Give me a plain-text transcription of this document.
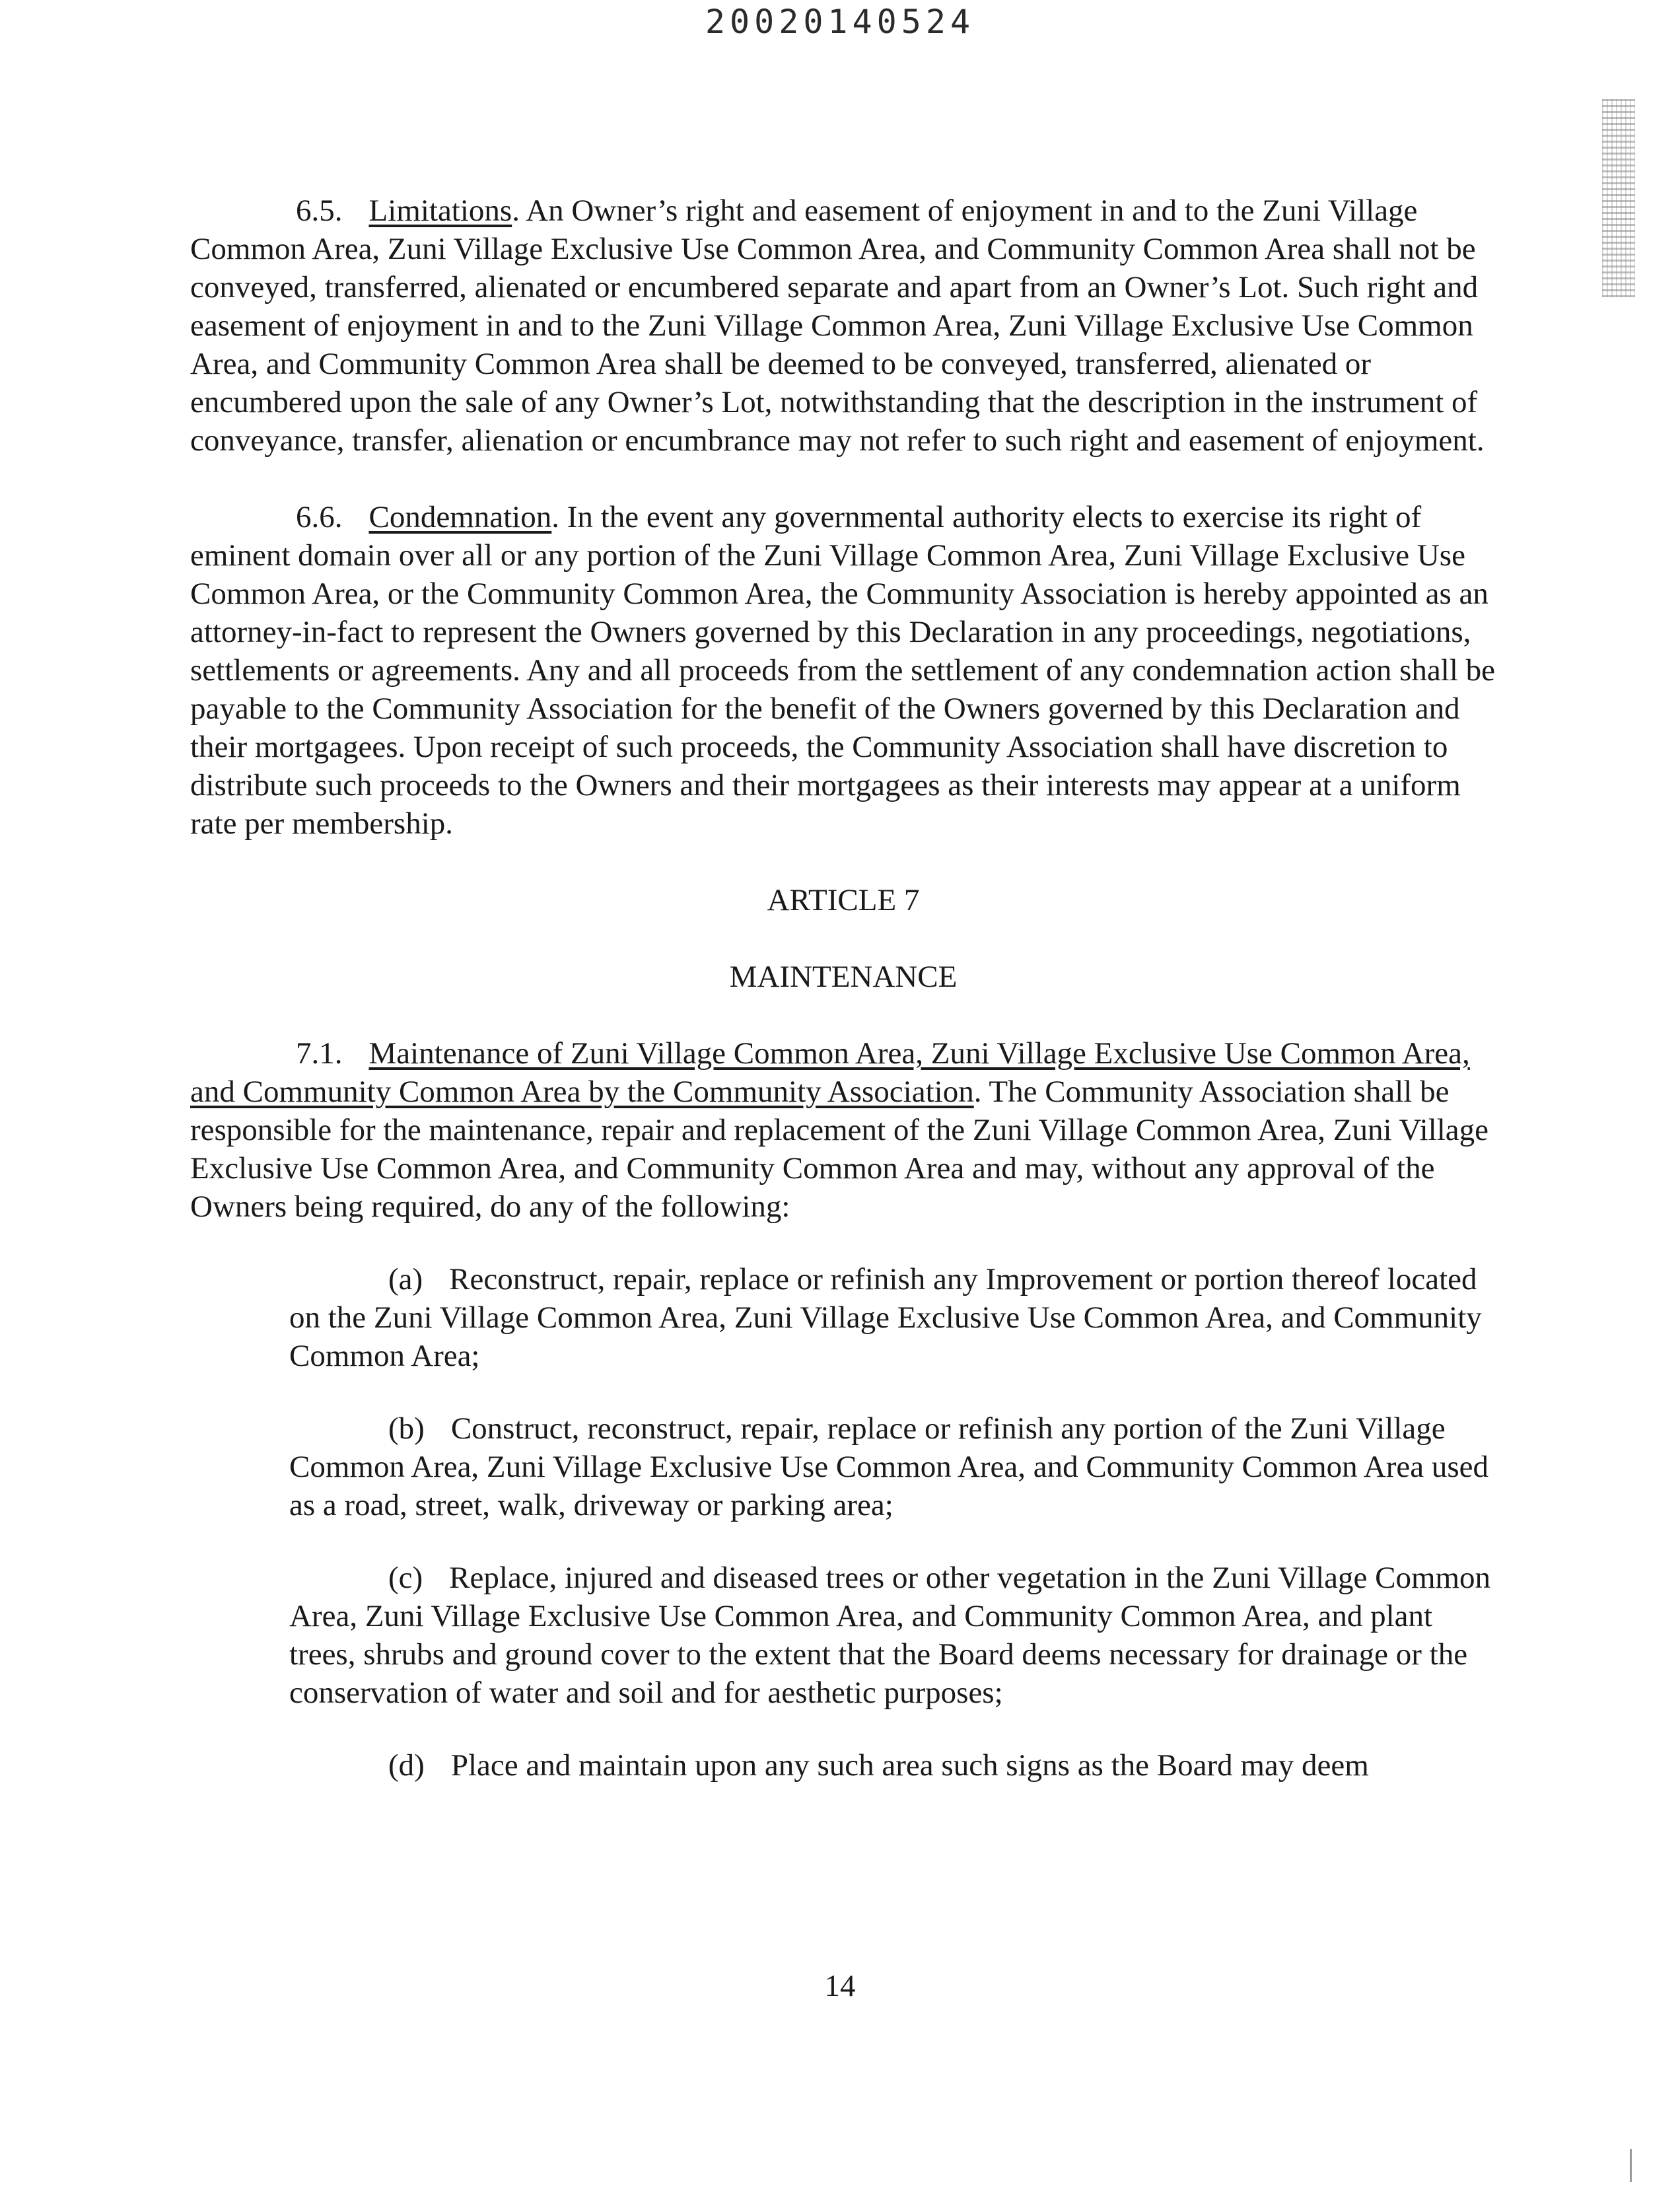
20020140524

6.5. Limitations. An Owner’s right and easement of enjoyment in and to the Zuni Village Common Area, Zuni Village Exclusive Use Common Area, and Community Common Area shall not be conveyed, transferred, alienated or encumbered separate and apart from an Owner’s Lot. Such right and easement of enjoyment in and to the Zuni Village Common Area, Zuni Village Exclusive Use Common Area, and Community Common Area shall be deemed to be conveyed, transferred, alienated or encumbered upon the sale of any Owner’s Lot, notwithstanding that the description in the instrument of conveyance, transfer, alienation or encumbrance may not refer to such right and easement of enjoyment.

6.6. Condemnation. In the event any governmental authority elects to exercise its right of eminent domain over all or any portion of the Zuni Village Common Area, Zuni Village Exclusive Use Common Area, or the Community Common Area, the Community Association is hereby appointed as an attorney-in-fact to represent the Owners governed by this Declaration in any proceedings, negotiations, settlements or agreements. Any and all proceeds from the settlement of any condemnation action shall be payable to the Community Association for the benefit of the Owners governed by this Declaration and their mortgagees. Upon receipt of such proceeds, the Community Association shall have discretion to distribute such proceeds to the Owners and their mortgagees as their interests may appear at a uniform rate per membership.

ARTICLE 7

MAINTENANCE

7.1. Maintenance of Zuni Village Common Area, Zuni Village Exclusive Use Common Area, and Community Common Area by the Community Association. The Community Association shall be responsible for the maintenance, repair and replacement of the Zuni Village Common Area, Zuni Village Exclusive Use Common Area, and Community Common Area and may, without any approval of the Owners being required, do any of the following:

(a) Reconstruct, repair, replace or refinish any Improvement or portion thereof located on the Zuni Village Common Area, Zuni Village Exclusive Use Common Area, and Community Common Area;

(b) Construct, reconstruct, repair, replace or refinish any portion of the Zuni Village Common Area, Zuni Village Exclusive Use Common Area, and Community Common Area used as a road, street, walk, driveway or parking area;

(c) Replace, injured and diseased trees or other vegetation in the Zuni Village Common Area, Zuni Village Exclusive Use Common Area, and Community Common Area, and plant trees, shrubs and ground cover to the extent that the Board deems necessary for drainage or the conservation of water and soil and for aesthetic purposes;

(d) Place and maintain upon any such area such signs as the Board may deem

14
